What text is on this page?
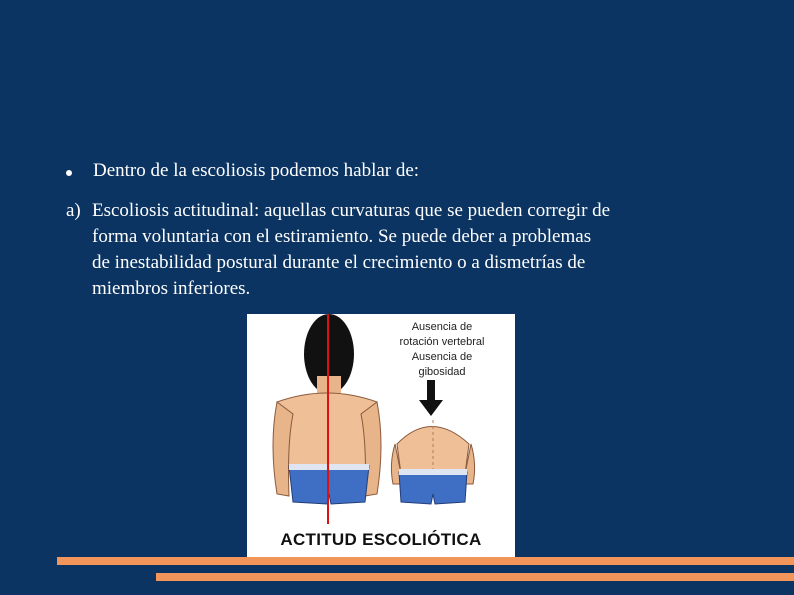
Dentro de la escoliosis podemos hablar de:
a) Escoliosis actitudinal: aquellas curvaturas que se pueden corregir de
forma voluntaria con el estiramiento. Se puede deber a problemas
de inestabilidad postural durante el crecimiento o a dismetrías de
miembros inferiores.
Ausencia de
rotación vertebral
Ausencia de
gibosidad
ACTITUD ESCOLIÓTICA
